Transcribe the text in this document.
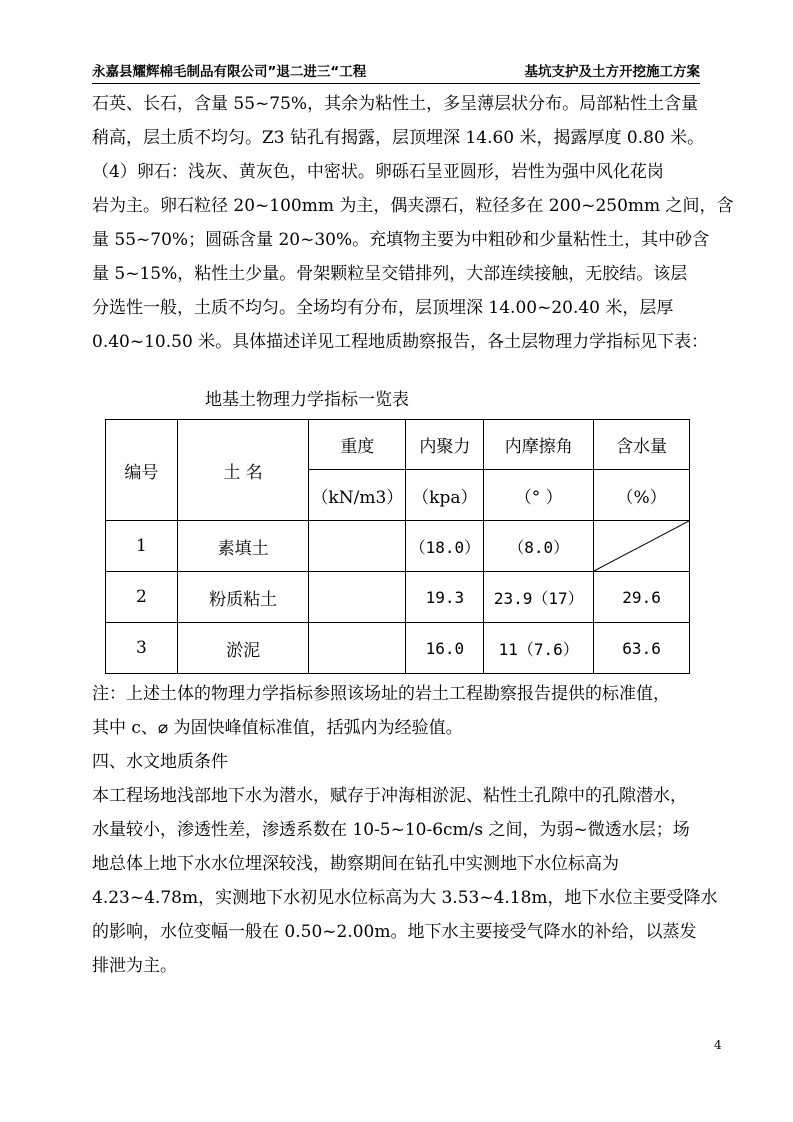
永嘉县耀辉棉毛制品有限公司”退二进三“工程	基坑支护及土方开挖施工方案
石英、长石，含量 55~75%，其余为粘性土，多呈薄层状分布。局部粘性土含量
稍高，层土质不均匀。Z3 钻孔有揭露，层顶埋深 14.60 米，揭露厚度 0.80 米。
（4）卵石：浅灰、黄灰色，中密状。卵砾石呈亚圆形，岩性为强中风化花岗
岩为主。卵石粒径 20~100mm 为主，偶夹漂石，粒径多在 200~250mm 之间，含
量 55~70%；圆砾含量 20~30%。充填物主要为中粗砂和少量粘性土，其中砂含
量 5~15%，粘性土少量。骨架颗粒呈交错排列，大部连续接触，无胶结。该层
分选性一般，土质不均匀。全场均有分布，层顶埋深 14.00~20.40 米，层厚
0.40~10.50 米。具体描述详见工程地质勘察报告，各土层物理力学指标见下表：
地基土物理力学指标一览表
编号	土 名	重度	内聚力	内摩擦角	含水量
		（kN/m3）	（kpa）	（° ）	（%）
1	素填土		（18.0）	（8.0）	

2	粉质粘土		19.3	23.9（17）	29.6
3	淤泥		16.0	11（7.6）	63.6
注：上述土体的物理力学指标参照该场址的岩土工程勘察报告提供的标准值，
其中 c、⌀ 为固快峰值标准值，括弧内为经验值。
四、水文地质条件
本工程场地浅部地下水为潜水，赋存于冲海相淤泥、粘性土孔隙中的孔隙潜水，
水量较小，渗透性差，渗透系数在 10-5~10-6cm/s 之间，为弱~微透水层；场
地总体上地下水水位埋深较浅，勘察期间在钻孔中实测地下水位标高为
4.23~4.78m，实测地下水初见水位标高为大 3.53~4.18m，地下水位主要受降水
的影响，水位变幅一般在 0.50~2.00m。地下水主要接受气降水的补给，以蒸发
排泄为主。
4
